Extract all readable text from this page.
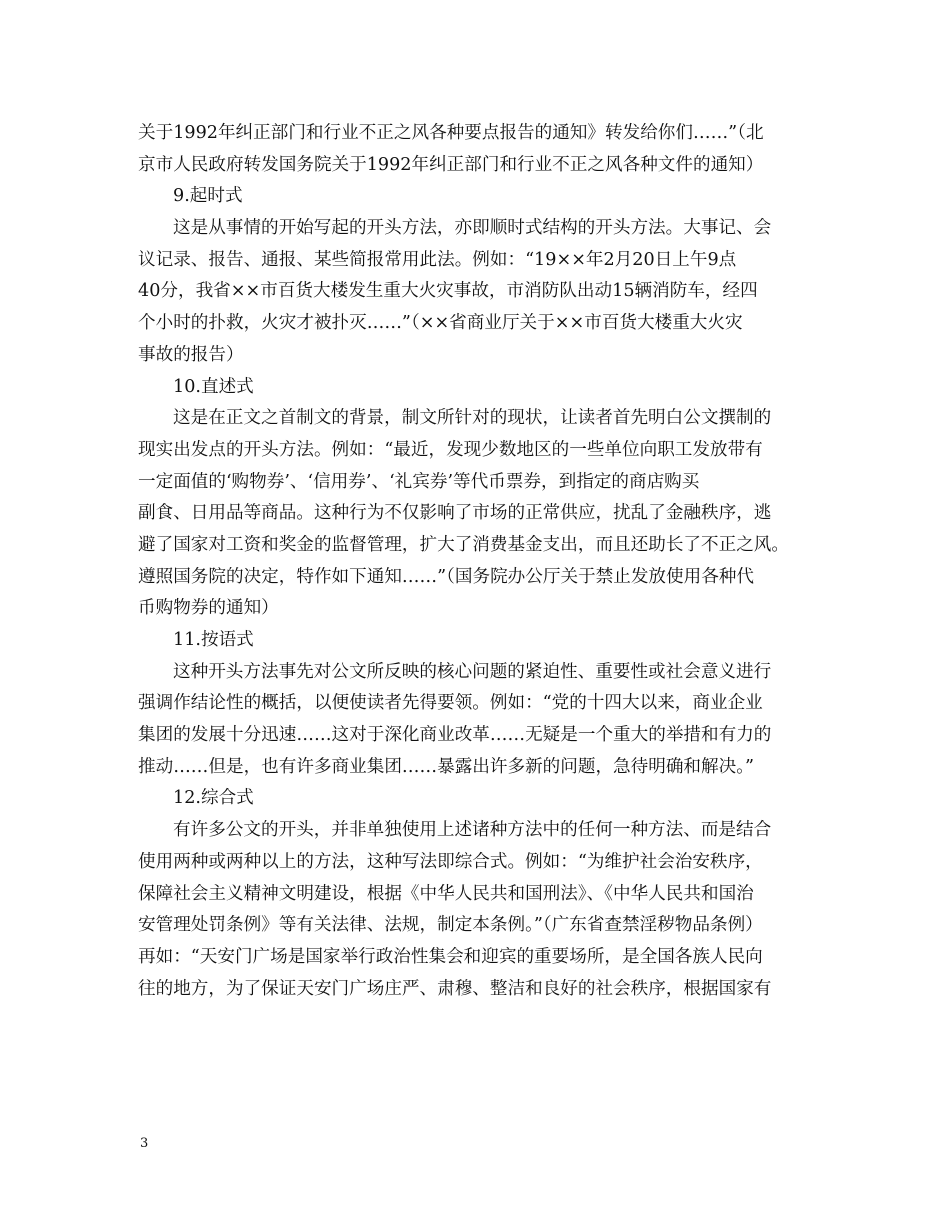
关于1992年纠正部门和行业不正之风各种要点报告的通知》转发给你们……”（北
京市人民政府转发国务院关于1992年纠正部门和行业不正之风各种文件的通知）
9.起时式
这是从事情的开始写起的开头方法，亦即顺时式结构的开头方法。大事记、会
议记录、报告、通报、某些简报常用此法。例如：“19××年2月20日上午9点
40分，我省××市百货大楼发生重大火灾事故，市消防队出动15辆消防车，经四
个小时的扑救，火灾才被扑灭……”（××省商业厅关于××市百货大楼重大火灾
事故的报告）
10.直述式
这是在正文之首制文的背景，制文所针对的现状，让读者首先明白公文撰制的
现实出发点的开头方法。例如：“最近，发现少数地区的一些单位向职工发放带有
一定面值的‘购物券’、‘信用券’、‘礼宾券’等代币票券，到指定的商店购买
副食、日用品等商品。这种行为不仅影响了市场的正常供应，扰乱了金融秩序，逃
避了国家对工资和奖金的监督管理，扩大了消费基金支出，而且还助长了不正之风。
遵照国务院的决定，特作如下通知……”（国务院办公厅关于禁止发放使用各种代
币购物券的通知）
11.按语式
这种开头方法事先对公文所反映的核心问题的紧迫性、重要性或社会意义进行
强调作结论性的概括，以便使读者先得要领。例如：“党的十四大以来，商业企业
集团的发展十分迅速……这对于深化商业改革……无疑是一个重大的举措和有力的
推动……但是，也有许多商业集团……暴露出许多新的问题，急待明确和解决。”
12.综合式
有许多公文的开头，并非单独使用上述诸种方法中的任何一种方法、而是结合
使用两种或两种以上的方法，这种写法即综合式。例如：“为维护社会治安秩序，
保障社会主义精神文明建设，根据《中华人民共和国刑法》、《中华人民共和国治
安管理处罚条例》等有关法律、法规，制定本条例。”（广东省查禁淫秽物品条例）
再如：“天安门广场是国家举行政治性集会和迎宾的重要场所，是全国各族人民向
往的地方，为了保证天安门广场庄严、肃穆、整洁和良好的社会秩序，根据国家有
3
